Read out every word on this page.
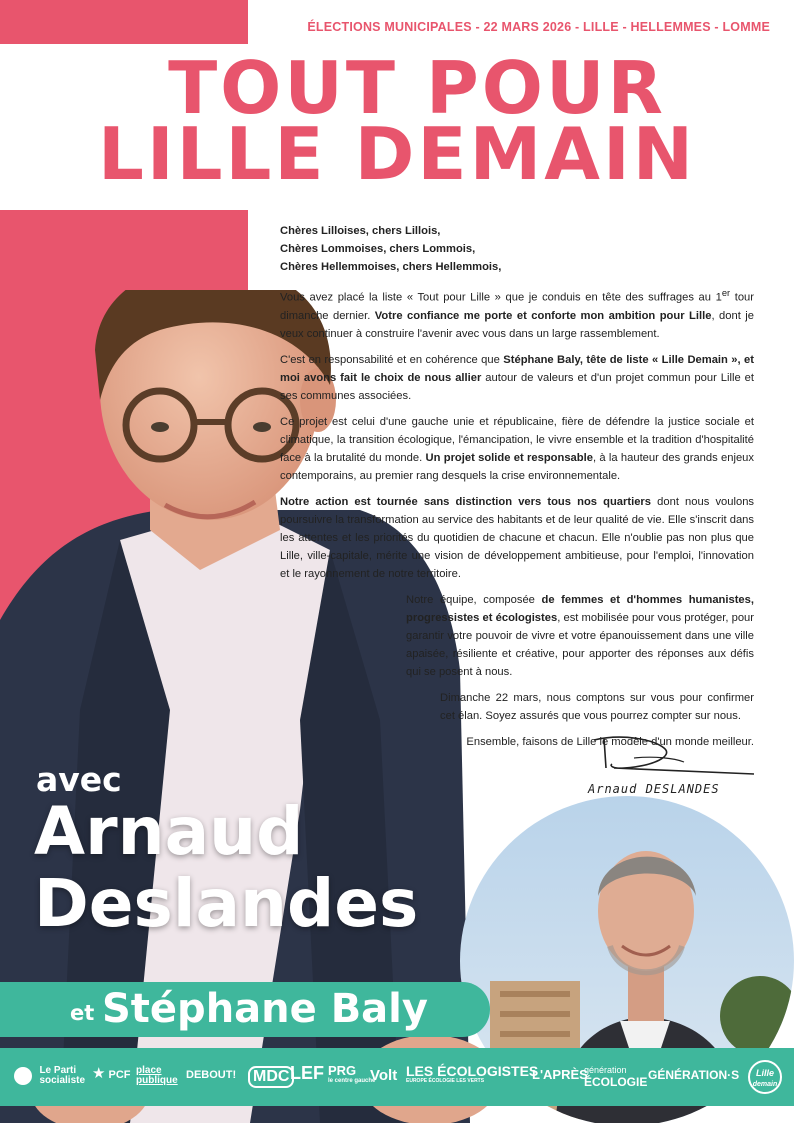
ÉLECTIONS MUNICIPALES - 22 MARS 2026 - LILLE - HELLEMMES - LOMME
TOUT POUR
LILLE DEMAIN
Chères Lilloises, chers Lillois,
Chères Lommoises, chers Lommois,
Chères Hellemmoises, chers Hellemmois,

Vous avez placé la liste « Tout pour Lille » que je conduis en tête des suffrages au 1er tour dimanche dernier. Votre confiance me porte et conforte mon ambition pour Lille, dont je veux continuer à construire l'avenir avec vous dans un large rassemblement.

C'est en responsabilité et en cohérence que Stéphane Baly, tête de liste « Lille Demain », et moi avons fait le choix de nous allier autour de valeurs et d'un projet commun pour Lille et ses communes associées.

Ce projet est celui d'une gauche unie et républicaine, fière de défendre la justice sociale et climatique, la transition écologique, l'émancipation, le vivre ensemble et la tradition d'hospitalité face à la brutalité du monde. Un projet solide et responsable, à la hauteur des grands enjeux contemporains, au premier rang desquels la crise environnementale.

Notre action est tournée sans distinction vers tous nos quartiers dont nous voulons poursuivre la transformation au service des habitants et de leur qualité de vie. Elle s'inscrit dans les attentes et les priorités du quotidien de chacune et chacun. Elle n'oublie pas non plus que Lille, ville-capitale, mérite une vision de développement ambitieuse, pour l'emploi, l'innovation et le rayonnement de notre territoire.

Notre équipe, composée de femmes et d'hommes humanistes, progressistes et écologistes, est mobilisée pour vous protéger, pour garantir votre pouvoir de vivre et votre épanouissement dans une ville apaisée, résiliente et créative, pour apporter des réponses aux défis qui se posent à nous.

Dimanche 22 mars, nous comptons sur vous pour confirmer cet élan. Soyez assurés que vous pourrez compter sur nous.

Ensemble, faisons de Lille le modèle d'un monde meilleur.

Arnaud DESLANDES
avec
Arnaud
Deslandes
et Stéphane Baly

Le Parti
socialiste ★ PCF place
publique DEBOUT!	MDC LEF PRG
le centre gauche
Volt LES ÉCOLOGISTES
EUROPE ÉCOLOGIE LES VERTS	L'APRÈS
génération
ÉCOLOGIE GÉNÉRATION·S	Lille
demain
